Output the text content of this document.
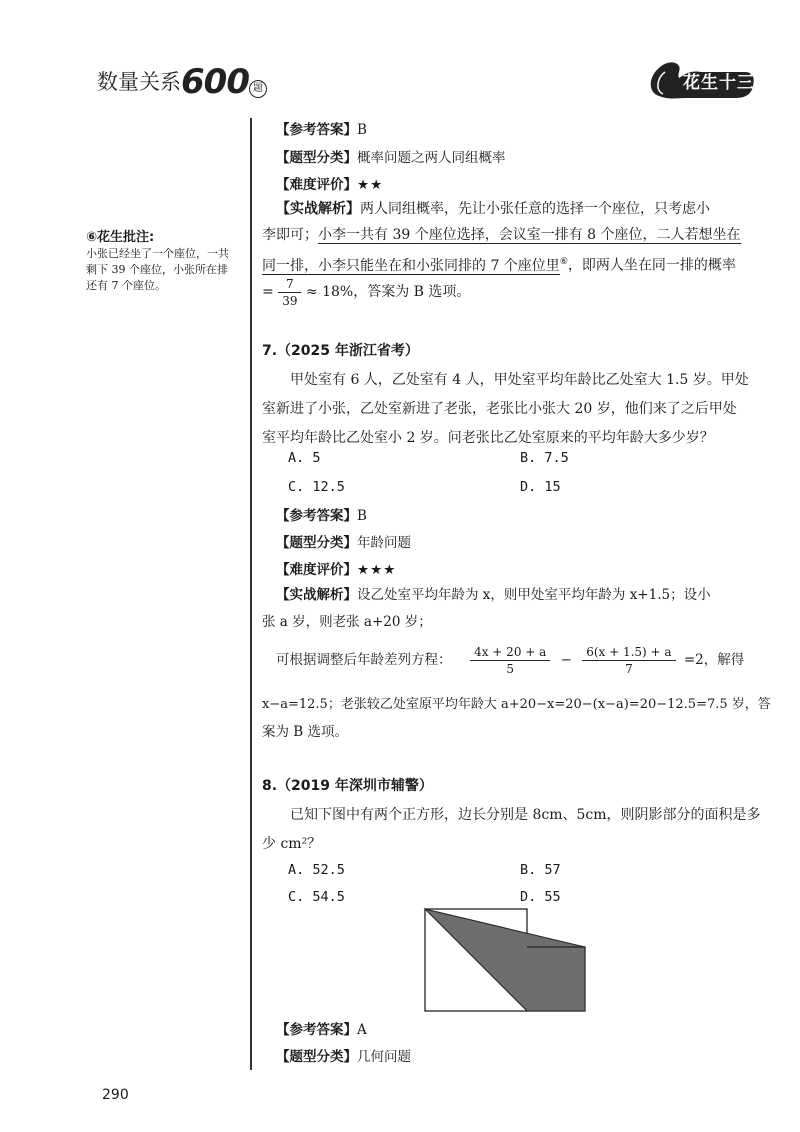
数量关系600 题	花生十三
⑥花生批注:
小张已经坐了一个座位，一共剩下 39 个座位，小张所在排还有 7 个座位。
【参考答案】B
【题型分类】概率问题之两人同组概率
【难度评价】★★
【实战解析】两人同组概率，先让小张任意的选择一个座位，只考虑小
李即可；小李一共有 39 个座位选择，会议室一排有 8 个座位，二人若想坐在
同一排，小李只能坐在和小张同排的 7 个座位里⑥，即两人坐在同一排的概率
= $\frac{7}{39} \approx 18\%$，答案为 B 选项。
7.（2025 年浙江省考）
甲处室有 6 人，乙处室有 4 人，甲处室平均年龄比乙处室大 1.5 岁。甲处
室新进了小张，乙处室新进了老张，老张比小张大 20 岁，他们来了之后甲处
室平均年龄比乙处室小 2 岁。问老张比乙处室原来的平均年龄大多少岁？
A. 5	B. 7.5
C. 12.5	D. 15
【参考答案】B
【题型分类】年龄问题
【难度评价】★★★
【实战解析】设乙处室平均年龄为 x，则甲处室平均年龄为 x+1.5；设小
张 a 岁，则老张 a+20 岁；
可根据调整后年龄差列方程： $\frac{4x + 20 + a}{5} - \frac{6(x + 1.5) + a}{7} =2$，解得
x−a=12.5；老张较乙处室原平均年龄大 a+20−x=20−(x−a)=20−12.5=7.5 岁，答
案为 B 选项。
8.（2019 年深圳市辅警）
已知下图中有两个正方形，边长分别是 8cm、5cm，则阴影部分的面积是多
少 cm²？
A. 52.5	B. 57
C. 54.5	D. 55
【参考答案】A
【题型分类】几何问题
290
